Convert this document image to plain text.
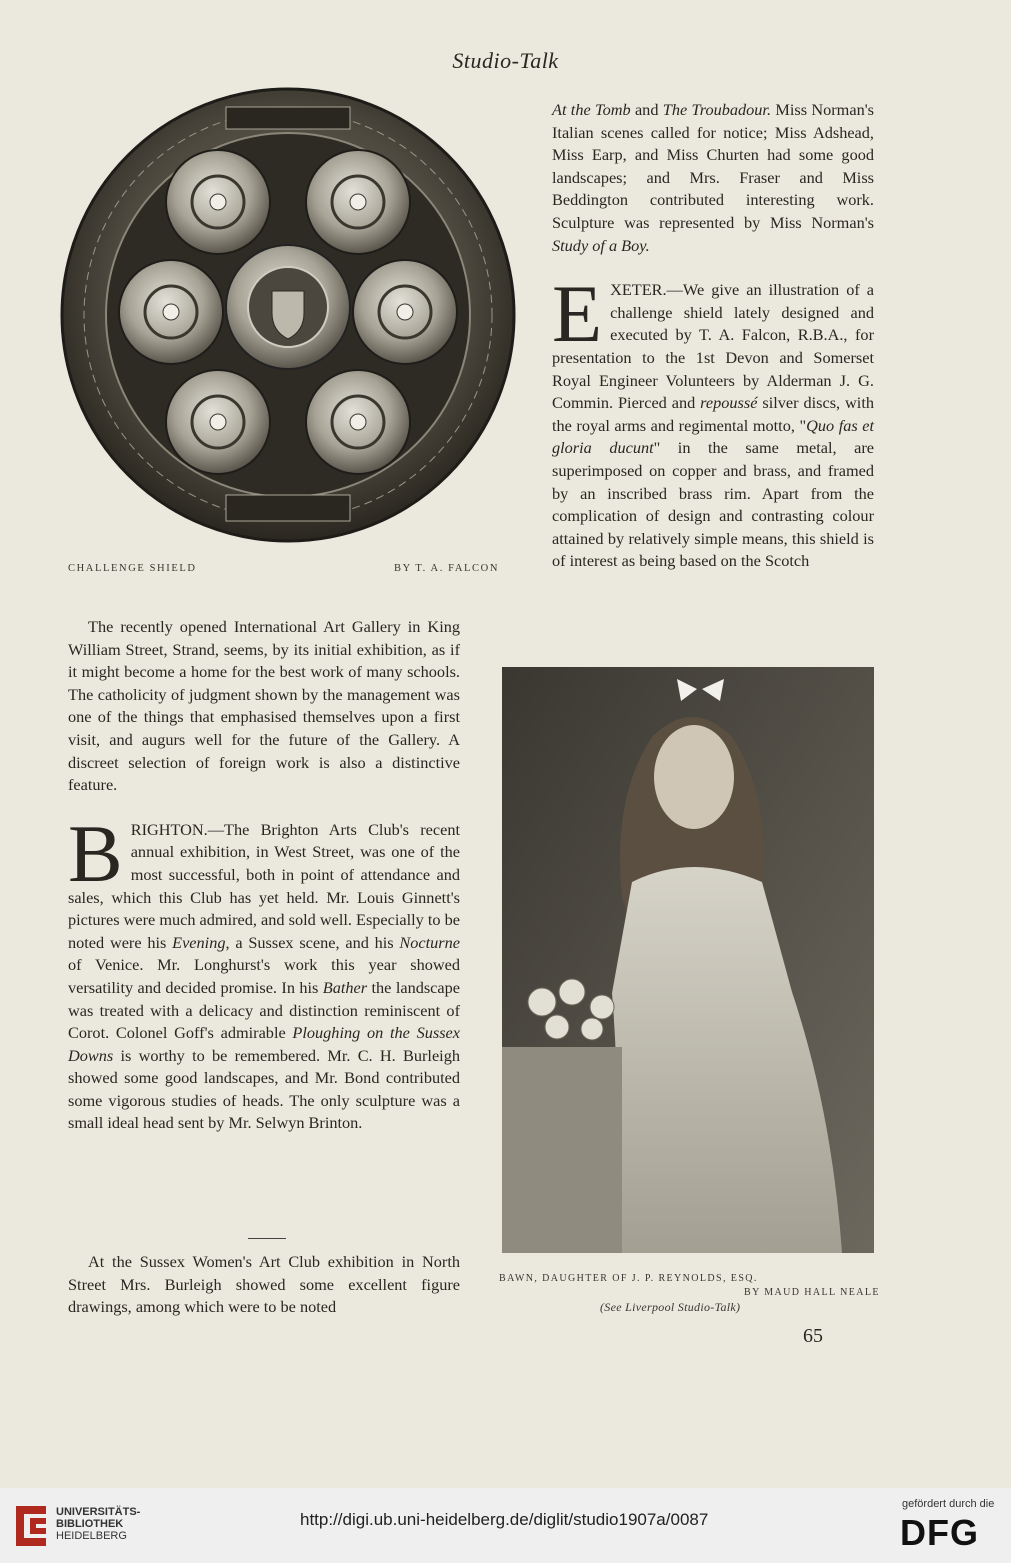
Studio-Talk
CHALLENGE SHIELD	BY T. A. FALCON

The recently opened International Art Gallery in King William Street, Strand, seems, by its initial exhibition, as if it might become a home for the best work of many schools. The catholicity of judgment shown by the management was one of the things that emphasised themselves upon a first visit, and augurs well for the future of the Gallery. A discreet selection of foreign work is also a distinctive feature.

BRIGHTON.—The Brighton Arts Club's recent annual exhibition, in West Street, was one of the most successful, both in point of attendance and sales, which this Club has yet held. Mr. Louis Ginnett's pictures were much admired, and sold well. Especially to be noted were his Evening, a Sussex scene, and his Nocturne of Venice. Mr. Longhurst's work this year showed versatility and decided promise. In his Bather the landscape was treated with a delicacy and distinction reminiscent of Corot. Colonel Goff's admirable Ploughing on the Sussex Downs is worthy to be remembered. Mr. C. H. Burleigh showed some good landscapes, and Mr. Bond contributed some vigorous studies of heads. The only sculpture was a small ideal head sent by Mr. Selwyn Brinton.

At the Sussex Women's Art Club exhibition in North Street Mrs. Burleigh showed some excellent figure drawings, among which were to be noted

At the Tomb and The Troubadour. Miss Norman's Italian scenes called for notice; Miss Adshead, Miss Earp, and Miss Churten had some good landscapes; and Mrs. Fraser and Miss Beddington contributed interesting work. Sculpture was represented by Miss Norman's Study of a Boy.

EXETER.—We give an illustration of a challenge shield lately designed and executed by T. A. Falcon, R.B.A., for presentation to the 1st Devon and Somerset Royal Engineer Volunteers by Alderman J. G. Commin. Pierced and repoussé silver discs, with the royal arms and regimental motto, "Quo fas et gloria ducunt" in the same metal, are superimposed on copper and brass, and framed by an inscribed brass rim. Apart from the complication of design and contrasting colour attained by relatively simple means, this shield is of interest as being based on the Scotch

BAWN, DAUGHTER OF J. P. REYNOLDS, ESQ.
BY MAUD HALL NEALE
(See Liverpool Studio-Talk)
65
UNIVERSITÄTS-
BIBLIOTHEK
HEIDELBERG
http://digi.ub.uni-heidelberg.de/diglit/studio1907a/0087
gefördert durch die
DFG
